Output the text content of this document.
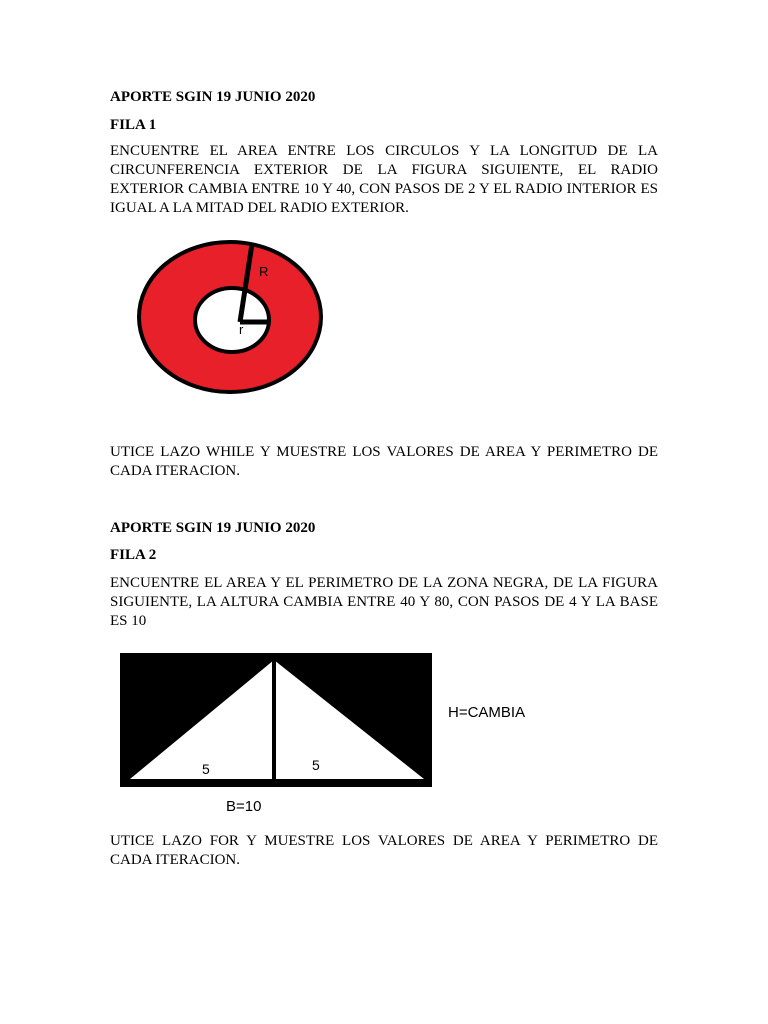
APORTE SGIN 19 JUNIO 2020

FILA 1

ENCUENTRE EL AREA ENTRE LOS CIRCULOS Y LA LONGITUD DE LA CIRCUNFERENCIA EXTERIOR DE LA FIGURA SIGUIENTE, EL RADIO EXTERIOR CAMBIA ENTRE 10 Y 40, CON PASOS DE 2 Y EL RADIO INTERIOR ES IGUAL A LA MITAD DEL RADIO EXTERIOR.

R
r

UTICE LAZO WHILE Y MUESTRE LOS VALORES DE AREA Y PERIMETRO DE CADA ITERACION.

APORTE SGIN 19 JUNIO 2020

FILA 2

ENCUENTRE EL AREA Y EL PERIMETRO DE LA ZONA NEGRA, DE LA FIGURA SIGUIENTE, LA ALTURA CAMBIA ENTRE 40 Y 80, CON PASOS DE 4 Y LA BASE ES 10

5	5
H=CAMBIA
B=10

UTICE LAZO FOR Y MUESTRE LOS VALORES DE AREA Y PERIMETRO DE CADA ITERACION.
